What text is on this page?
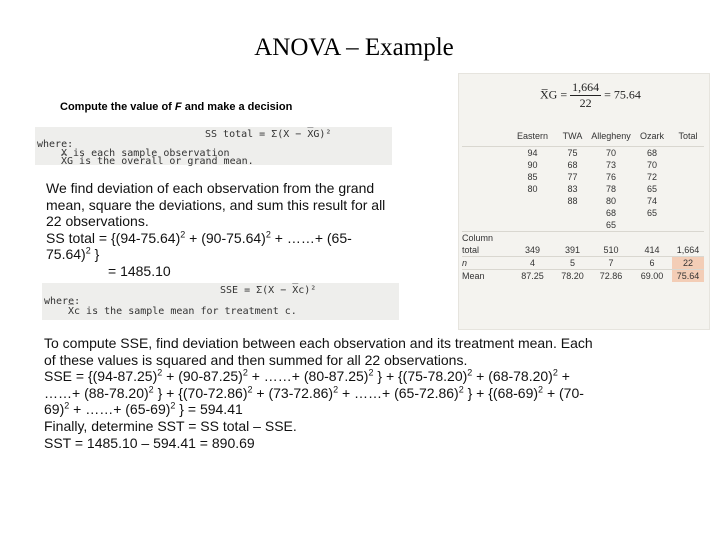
ANOVA – Example
Compute the value of F and make a decision
SS total = Σ(X − X̅G)²
where:
X is each sample observation
X̅G is the overall or grand mean.
We find deviation of each observation from the grand
mean, square the deviations, and sum this result for all
22 observations.
SS total = {$(94-75.64)^2 + (90-75.64)^2$ + ……+ (65-
75.64)$^2$ }
= 1485.10
SSE = Σ(X − X̅c)²
where:
X̅c is the sample mean for treatment c.
To compute SSE, find deviation between each observation and its treatment mean. Each
of these values is squared and then summed for all 22 observations.
SSE = {$(94-87.25)^2 + (90-87.25)^2$ + ……+ $(80-87.25)^2$ } + {$(75-78.20)^2 + (68-78.20)^2$ +
……+ $(88-78.20)^2$ } + {$(70-72.86)^2 + (73-72.86)^2$ + ……+ $(65-72.86)^2$ } + {$(68-69)^2 + (70-$
69)$^2$ + ……+ $(65-69)^2$ } = 594.41
Finally, determine SST = SS total – SSE.
SST = 1485.10 – 594.41 = 890.69
X̅G = $\frac{1,664}{22} = 75.64$
	Eastern	TWA	Allegheny	Ozark	Total
	94	75	70	68	
	90	68	73	70	
	85	77	76	72	
	80	83	78	65	
		88	80	74	
			68	65	
			65		
Column					
total	349	391	510	414	1,664
n	4	5	7	6	22
Mean	87.25	78.20	72.86	69.00	75.64
